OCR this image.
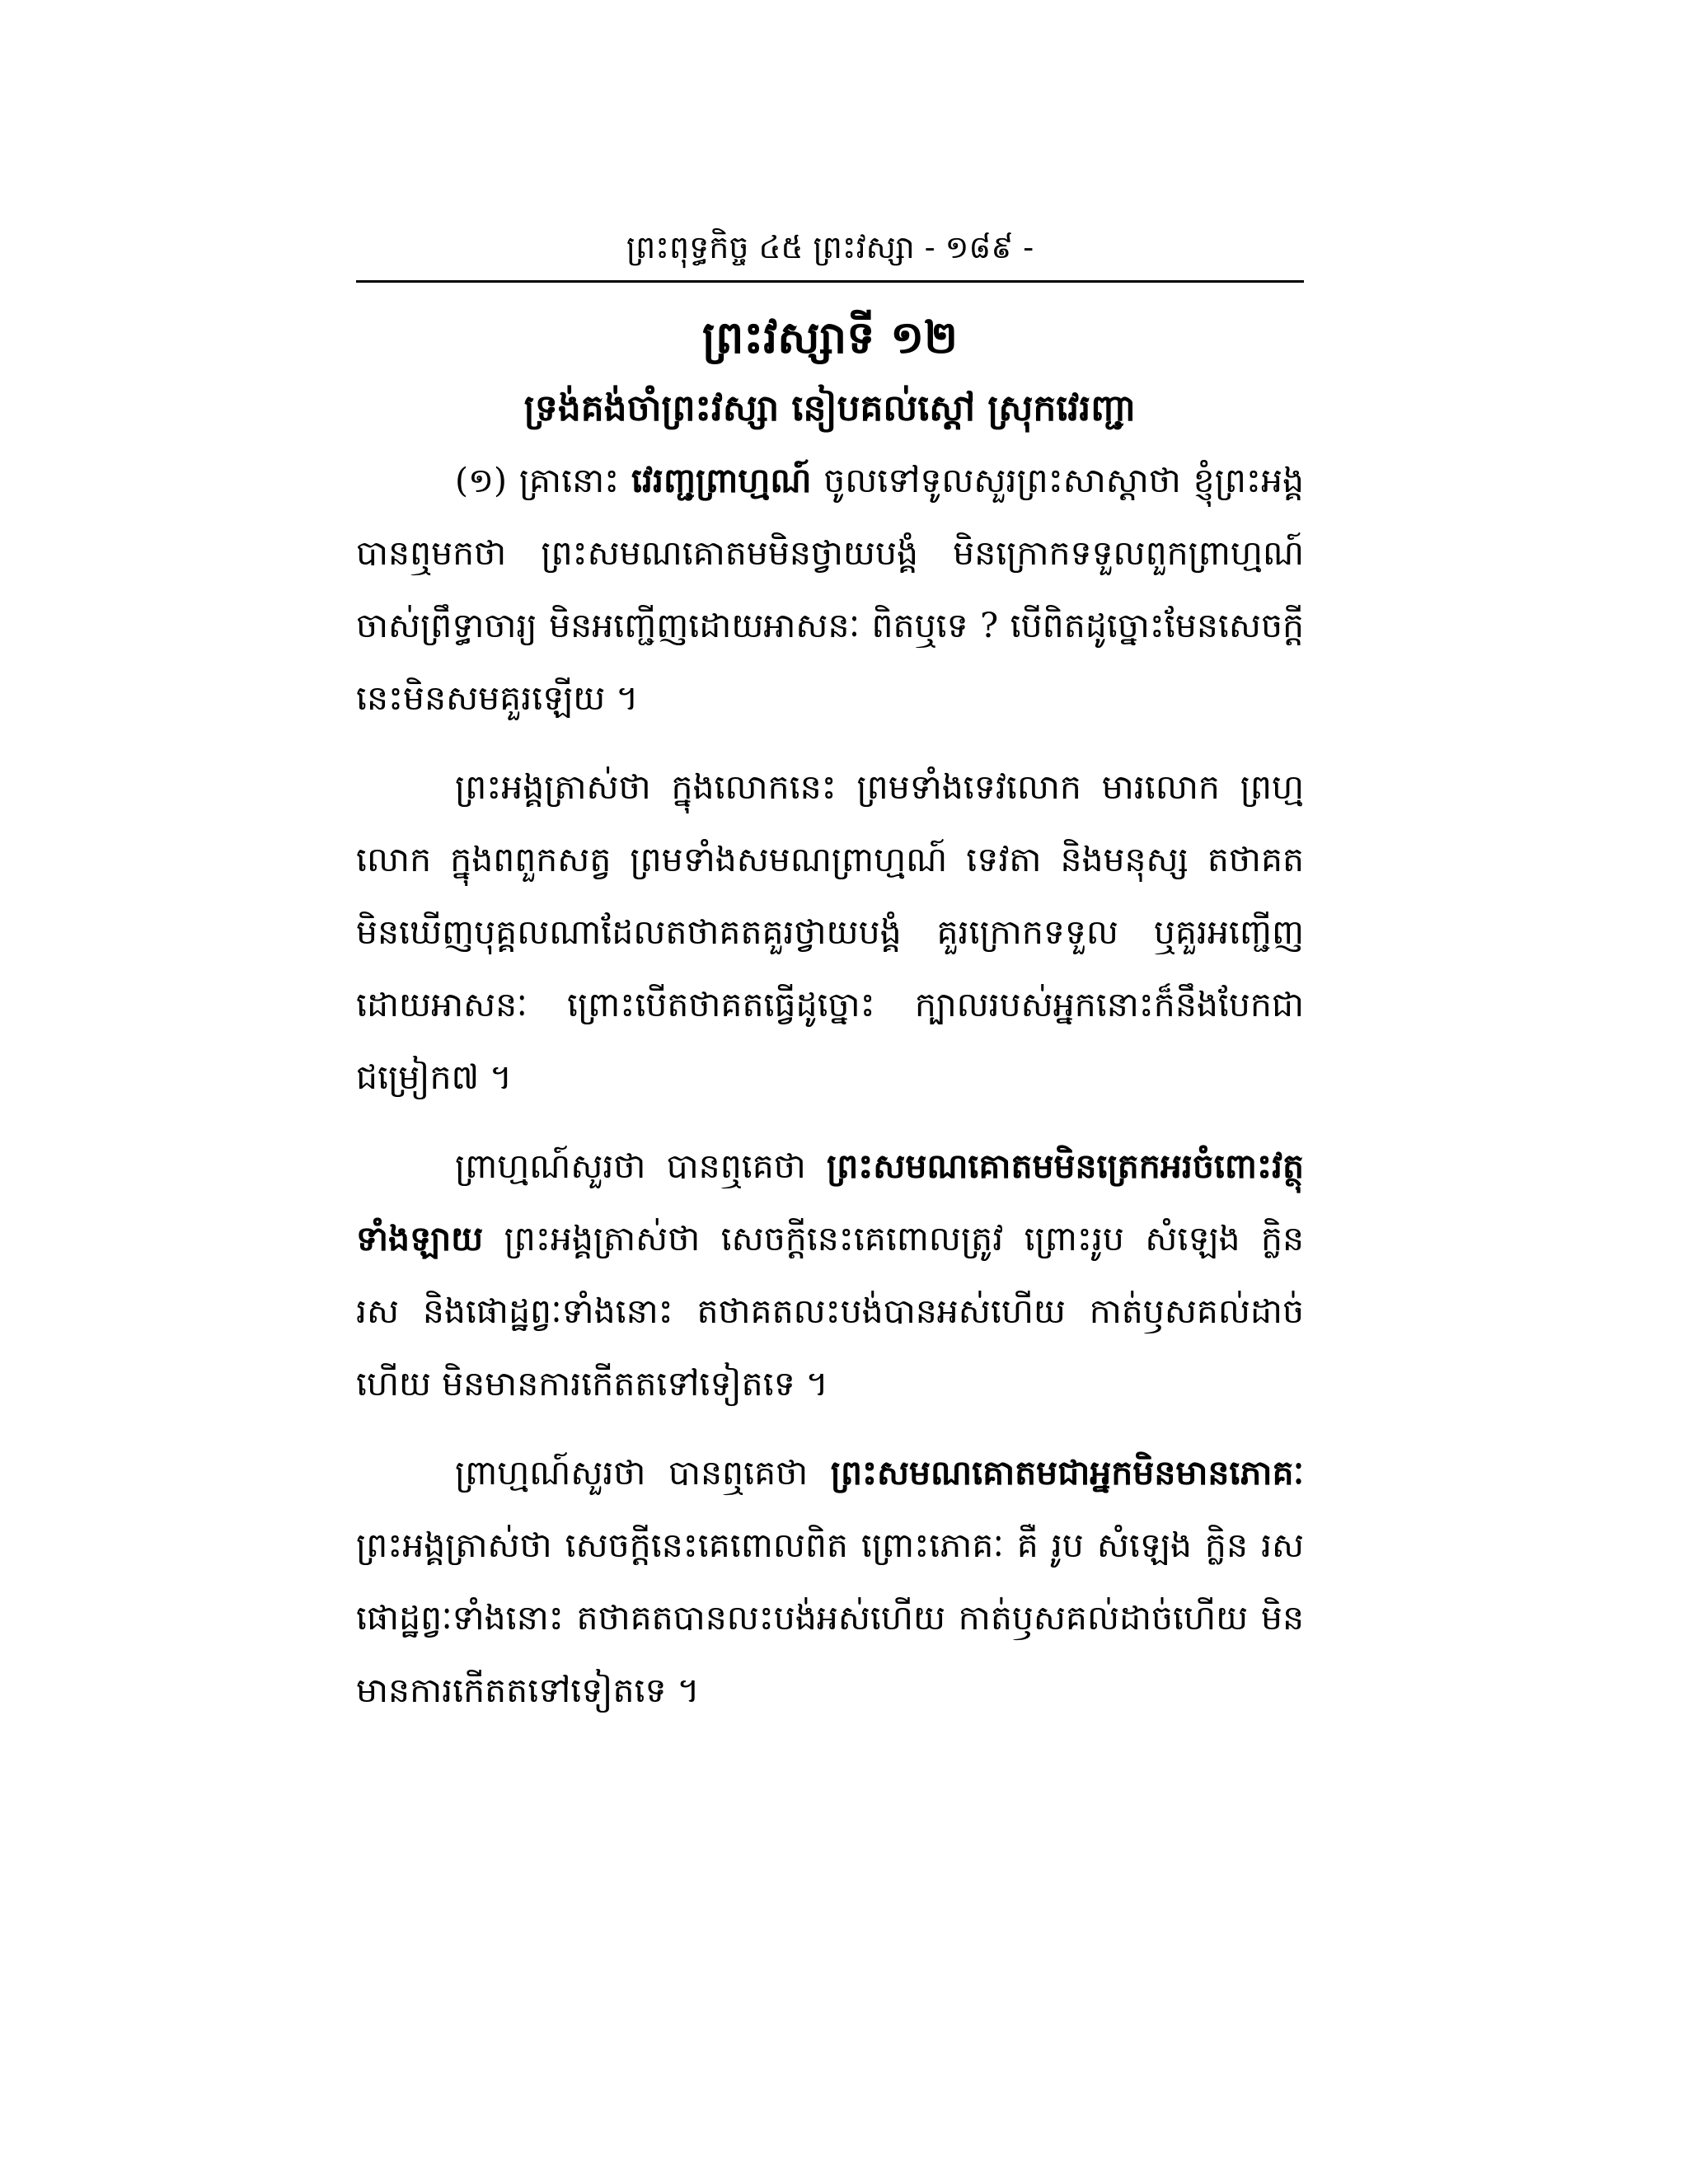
ព្រះពុទ្ធកិច្ច ៤៥ ព្រះវស្សា ​-​ ១៨៩ -
ព្រះវស្សាទី ១២
ទ្រង់គង់ចាំព្រះវស្សា នៀបគល់ស្ដៅ ស្រុកវេរញ្ជា

(១) គ្រានោះ វេរញ្ជព្រាហ្មណ៍ ចូលទៅទូលសួរព្រះសាស្ដាថា ខ្ញុំព្រះអង្គបានឮមកថា ព្រះសមណគោតមមិនថ្វាយបង្គំ មិនក្រោកទទួលពួកព្រាហ្មណ៍ចាស់ព្រឹទ្ធាចារ្យ មិនអញ្ជើញដោយអាសនៈ ពិតឬទេ ? បើពិតដូច្នោះមែនសេចក្ដីនេះមិនសមគួរឡើយ ។

ព្រះអង្គត្រាស់ថា ក្នុងលោកនេះ ព្រមទាំងទេវលោក មារលោក ព្រហ្មលោក ក្នុងពពួកសត្វ ព្រមទាំងសមណព្រាហ្មណ៍ ទេវតា និងមនុស្ស តថាគតមិនឃើញបុគ្គលណាដែលតថាគតគួរថ្វាយបង្គំ គួរក្រោកទទួល ឬគួរអញ្ជើញដោយអាសនៈ ព្រោះបើតថាគតធ្វើដូច្នោះ ក្បាលរបស់អ្នកនោះក៏នឹងបែកជាជម្រៀក៧ ។

ព្រាហ្មណ៍សួរថា បានឮគេថា ព្រះសមណគោតមមិនត្រេកអរចំពោះវត្ថុទាំងឡាយ ព្រះអង្គត្រាស់ថា សេចក្ដីនេះគេពោលត្រូវ ព្រោះរូប សំឡេង ក្លិន រស និងផោដ្ឋព្វៈទាំងនោះ តថាគតលះបង់បានអស់ហើយ កាត់ឫសគល់ដាច់ហើយ មិនមានការកើតតទៅទៀតទេ ។

ព្រាហ្មណ៍សួរថា បានឮគេថា ព្រះសមណគោតមជាអ្នកមិនមានភោគៈ ព្រះអង្គត្រាស់ថា សេចក្ដីនេះគេពោលពិត ព្រោះភោគៈ គឺ រូប សំឡេង ក្លិន រស ផោដ្ឋព្វៈទាំងនោះ តថាគតបានលះបង់អស់ហើយ កាត់ឫសគល់ដាច់ហើយ មិនមានការកើតតទៅទៀតទេ ។
